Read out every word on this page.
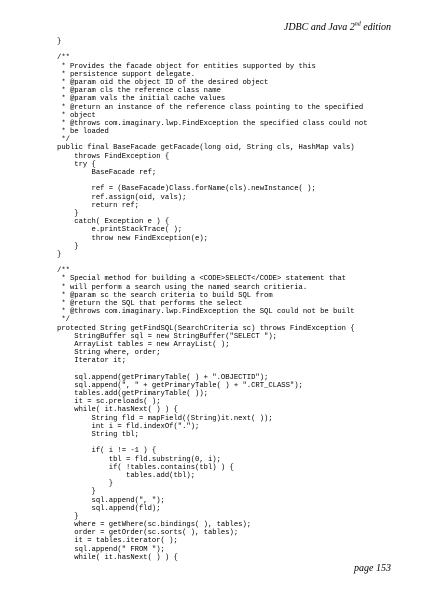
JDBC and Java 2nd edition
}
/**
* Provides the facade object for entities supported by this
* persistence support delegate.
* @param oid the object ID of the desired object
* @param cls the reference class name
* @param vals the initial cache values
* @return an instance of the reference class pointing to the specified
* object
* @throws com.imaginary.lwp.FindException the specified class could not
* be loaded
*/
public final BaseFacade getFacade(long oid, String cls, HashMap vals)
throws FindException {
try {
BaseFacade ref;
ref = (BaseFacade)Class.forName(cls).newInstance( );
ref.assign(oid, vals);
return ref;
}
catch( Exception e ) {
e.printStackTrace( );
throw new FindException(e);
}
}
/**
* Special method for building a <CODE>SELECT</CODE> statement that
* will perform a search using the named search critieria.
* @param sc the search criteria to build SQL from
* @return the SQL that performs the select
* @throws com.imaginary.lwp.FindException the SQL could not be built
*/
protected String getFindSQL(SearchCriteria sc) throws FindException {
StringBuffer sql = new StringBuffer("SELECT ");
ArrayList tables = new ArrayList( );
String where, order;
Iterator it;
sql.append(getPrimaryTable( ) + ".OBJECTID");
sql.append(", " + getPrimaryTable( ) + ".CRT_CLASS");
tables.add(getPrimaryTable( ));
it = sc.preloads( );
while( it.hasNext( ) ) {
String fld = mapField((String)it.next( ));
int i = fld.indexOf(".");
String tbl;
if( i != -1 ) {
tbl = fld.substring(0, i);
if( !tables.contains(tbl) ) {
tables.add(tbl);
}
}
sql.append(", ");
sql.append(fld);
}
where = getWhere(sc.bindings( ), tables);
order = getOrder(sc.sorts( ), tables);
it = tables.iterator( );
sql.append(" FROM ");
while( it.hasNext( ) ) {
page 153
